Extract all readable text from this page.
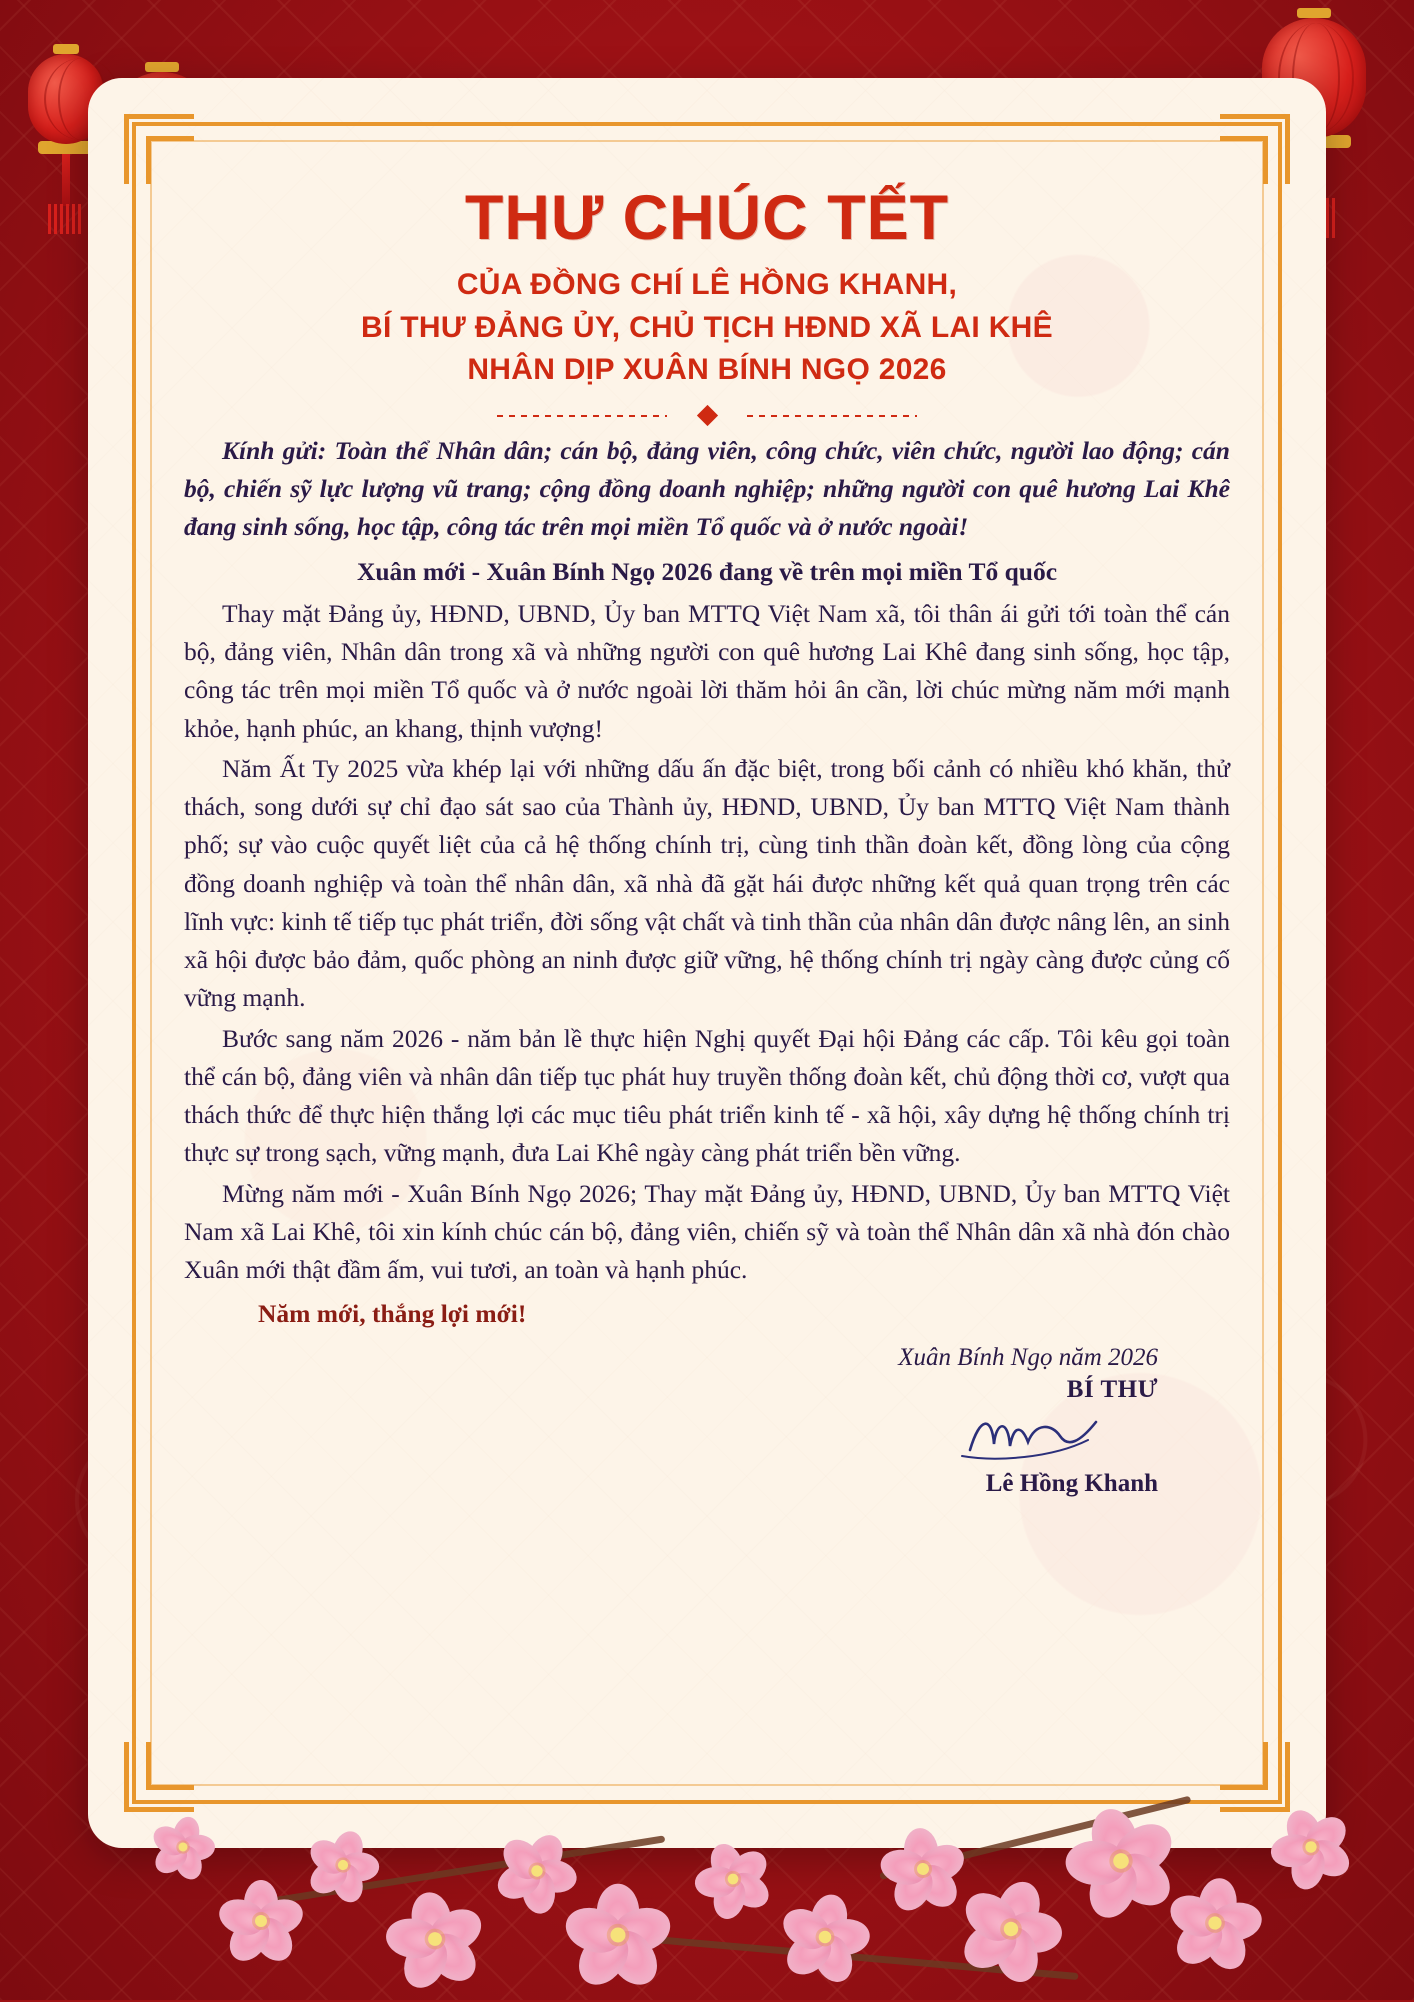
THƯ CHÚC TẾT
CỦA ĐỒNG CHÍ LÊ HỒNG KHANH,
BÍ THƯ ĐẢNG ỦY, CHỦ TỊCH HĐND XÃ LAI KHÊ
NHÂN DỊP XUÂN BÍNH NGỌ 2026

Kính gửi: Toàn thể Nhân dân; cán bộ, đảng viên, công chức, viên chức, người lao động; cán bộ, chiến sỹ lực lượng vũ trang; cộng đồng doanh nghiệp; những người con quê hương Lai Khê đang sinh sống, học tập, công tác trên mọi miền Tổ quốc và ở nước ngoài!

Xuân mới - Xuân Bính Ngọ 2026 đang về trên mọi miền Tổ quốc

Thay mặt Đảng ủy, HĐND, UBND, Ủy ban MTTQ Việt Nam xã, tôi thân ái gửi tới toàn thể cán bộ, đảng viên, Nhân dân trong xã và những người con quê hương Lai Khê đang sinh sống, học tập, công tác trên mọi miền Tổ quốc và ở nước ngoài lời thăm hỏi ân cần, lời chúc mừng năm mới mạnh khỏe, hạnh phúc, an khang, thịnh vượng!

Năm Ất Ty 2025 vừa khép lại với những dấu ấn đặc biệt, trong bối cảnh có nhiều khó khăn, thử thách, song dưới sự chỉ đạo sát sao của Thành ủy, HĐND, UBND, Ủy ban MTTQ Việt Nam thành phố; sự vào cuộc quyết liệt của cả hệ thống chính trị, cùng tinh thần đoàn kết, đồng lòng của cộng đồng doanh nghiệp và toàn thể nhân dân, xã nhà đã gặt hái được những kết quả quan trọng trên các lĩnh vực: kinh tế tiếp tục phát triển, đời sống vật chất và tinh thần của nhân dân được nâng lên, an sinh xã hội được bảo đảm, quốc phòng an ninh được giữ vững, hệ thống chính trị ngày càng được củng cố vững mạnh.

Bước sang năm 2026 - năm bản lề thực hiện Nghị quyết Đại hội Đảng các cấp. Tôi kêu gọi toàn thể cán bộ, đảng viên và nhân dân tiếp tục phát huy truyền thống đoàn kết, chủ động thời cơ, vượt qua thách thức để thực hiện thắng lợi các mục tiêu phát triển kinh tế - xã hội, xây dựng hệ thống chính trị thực sự trong sạch, vững mạnh, đưa Lai Khê ngày càng phát triển bền vững.

Mừng năm mới - Xuân Bính Ngọ 2026; Thay mặt Đảng ủy, HĐND, UBND, Ủy ban MTTQ Việt Nam xã Lai Khê, tôi xin kính chúc cán bộ, đảng viên, chiến sỹ và toàn thể Nhân dân xã nhà đón chào Xuân mới thật đầm ấm, vui tươi, an toàn và hạnh phúc.

Năm mới, thắng lợi mới!

Xuân Bính Ngọ năm 2026
BÍ THƯ
Lê Hồng Khanh
